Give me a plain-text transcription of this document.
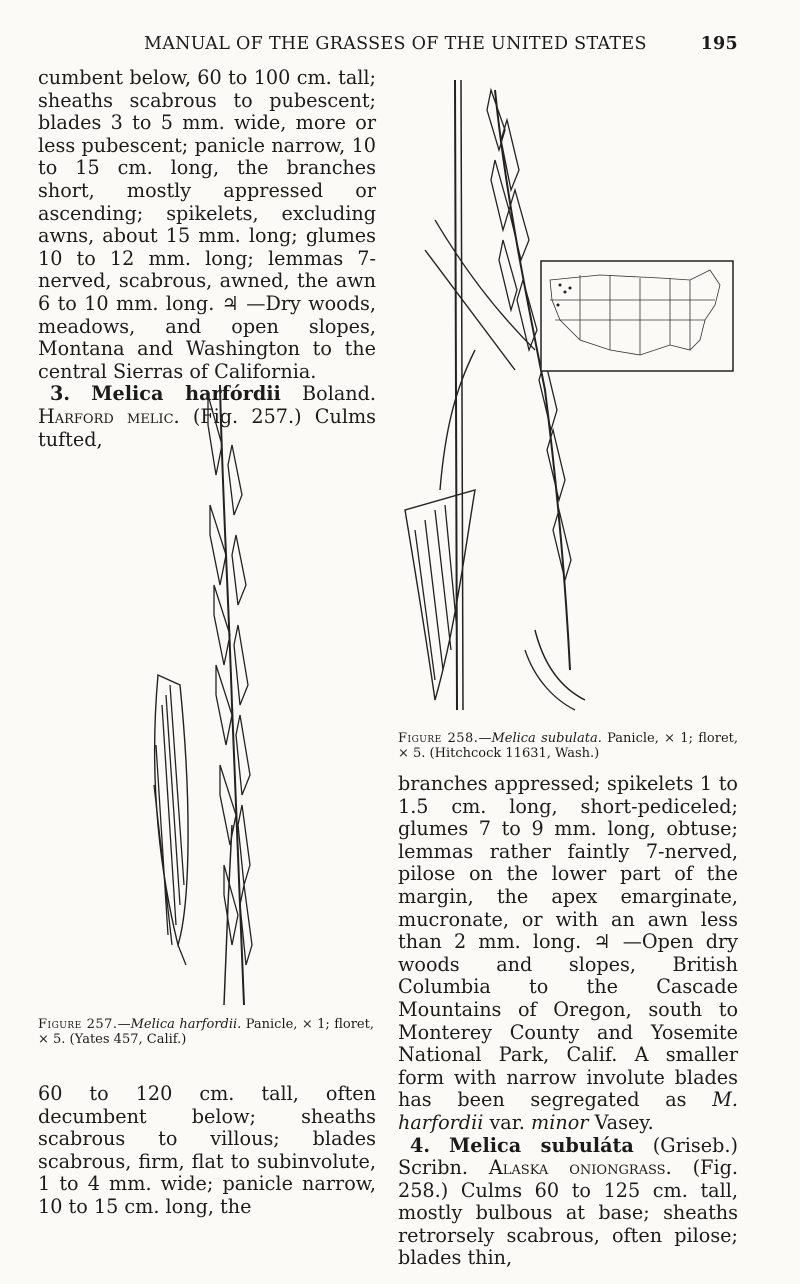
MANUAL OF THE GRASSES OF THE UNITED STATES	195

cumbent below, 60 to 100 cm. tall; sheaths scabrous to pubescent; blades 3 to 5 mm. wide, more or less pubescent; panicle narrow, 10 to 15 cm. long, the branches short, mostly appressed or ascending; spikelets, excluding awns, about 15 mm. long; glumes 10 to 12 mm. long; lemmas 7-nerved, scabrous, awned, the awn 6 to 10 mm. long. ♃ —Dry woods, meadows, and open slopes, Montana and Washington to the central Sierras of California.

3. Melica harfórdii Boland. Harford melic. (Fig. 257.) Culms tufted,

Figure 257.—Melica harfordii. Panicle, × 1; floret, × 5. (Yates 457, Calif.)

60 to 120 cm. tall, often decumbent below; sheaths scabrous to villous; blades scabrous, firm, flat to subinvolute, 1 to 4 mm. wide; panicle narrow, 10 to 15 cm. long, the

Figure 258.—Melica subulata. Panicle, × 1; floret, × 5. (Hitchcock 11631, Wash.)

branches appressed; spikelets 1 to 1.5 cm. long, short-pediceled; glumes 7 to 9 mm. long, obtuse; lemmas rather faintly 7-nerved, pilose on the lower part of the margin, the apex emarginate, mucronate, or with an awn less than 2 mm. long. ♃ —Open dry woods and slopes, British Columbia to the Cascade Mountains of Oregon, south to Monterey County and Yosemite National Park, Calif. A smaller form with narrow involute blades has been segregated as M. harfordii var. minor Vasey.

4. Melica subuláta (Griseb.) Scribn. Alaska oniongrass. (Fig. 258.) Culms 60 to 125 cm. tall, mostly bulbous at base; sheaths retrorsely scabrous, often pilose; blades thin,
